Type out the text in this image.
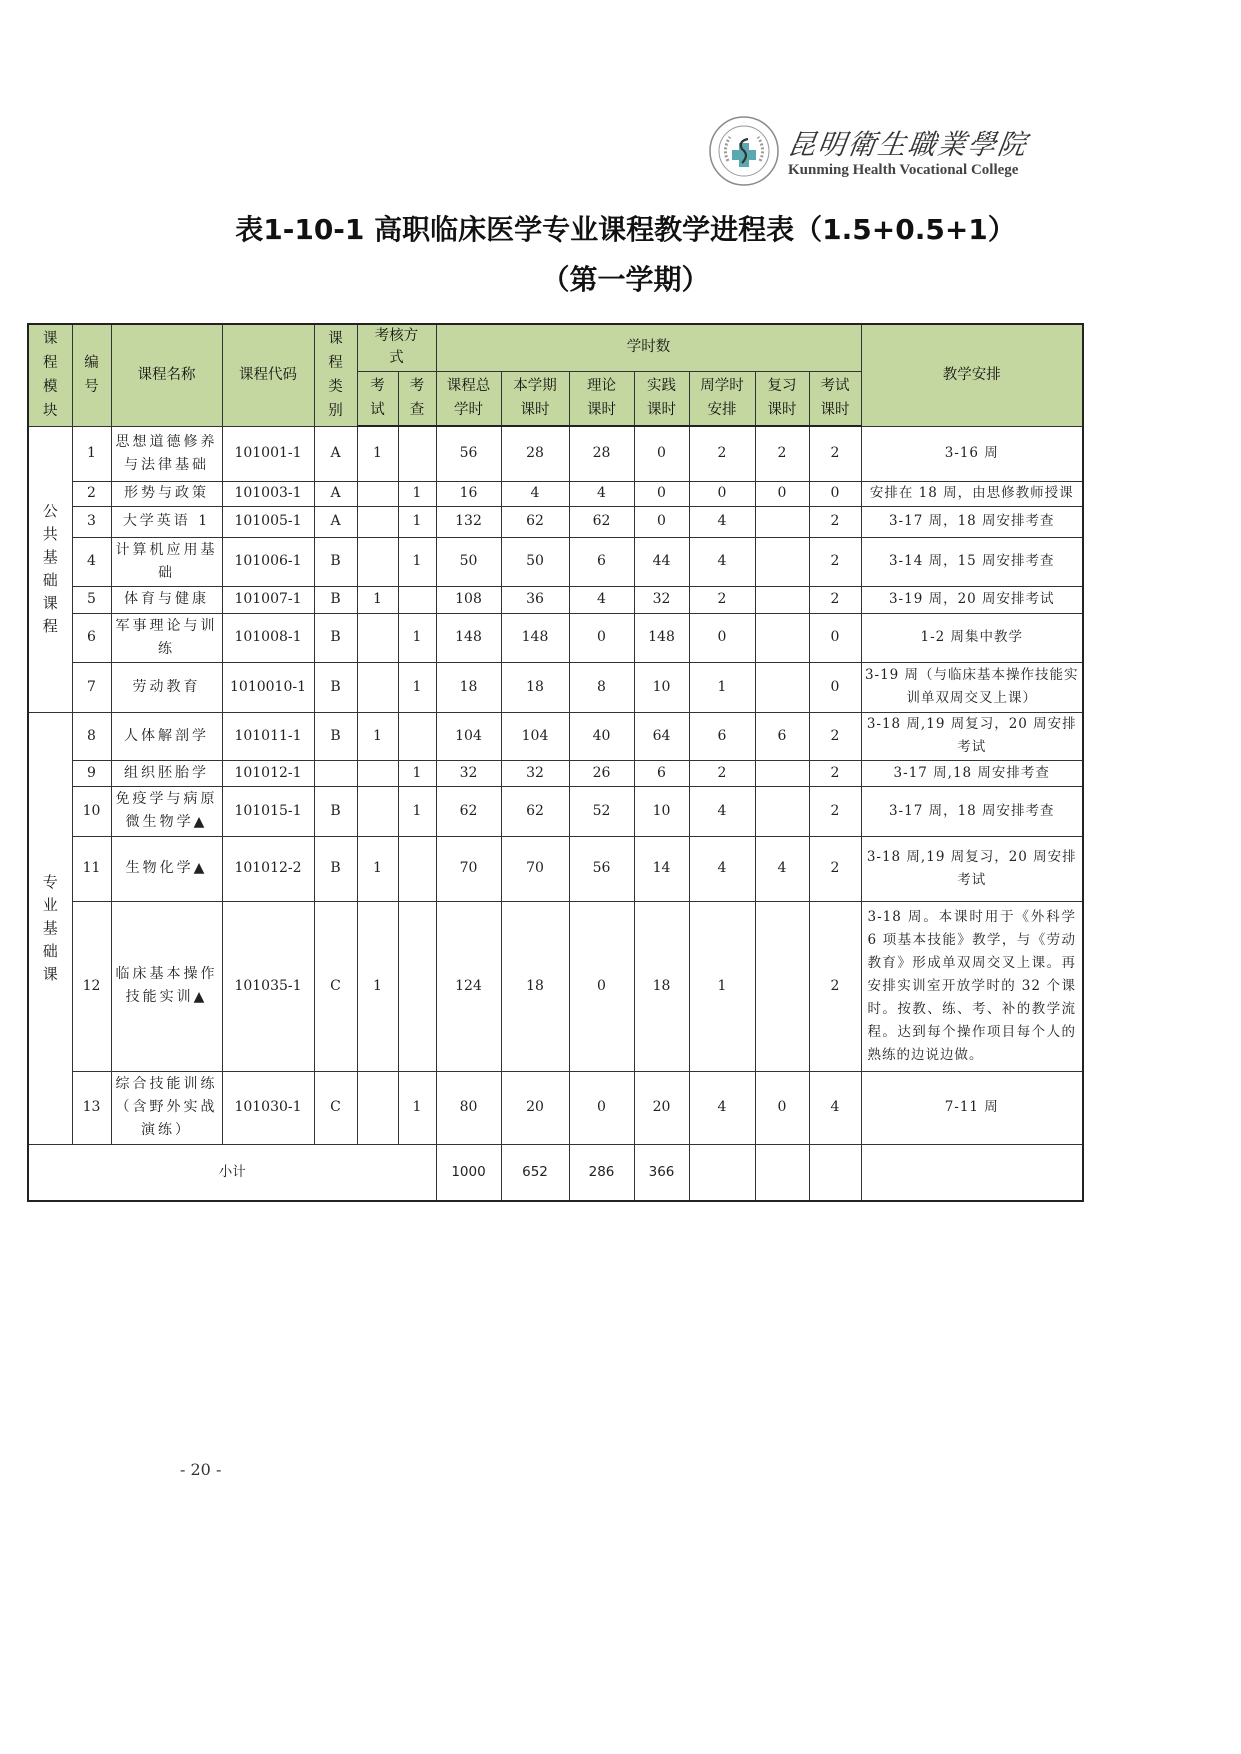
昆明衛生職業學院
Kunming Health Vocational College
表1-10-1 高职临床医学专业课程教学进程表（1.5+0.5+1）
（第一学期）
课程模块	编号	课程名称	课程代码	课程类别	考核方式		学时数							教学安排
					考试	考查	课程总学时	本学期课时	理论课时	实践课时	周学时安排	复习课时	考试课时	
公共基础课程	1	思想道德修养与法律基础	101001-1	A	1		56	28	28	0	2	2	2	3-16 周
	2	形势与政策	101003-1	A		1	16	4	4	0	0	0	0	安排在 18 周，由思修教师授课
	3	大学英语 1	101005-1	A		1	132	62	62	0	4		2	3-17 周，18 周安排考查
	4	计算机应用基础	101006-1	B		1	50	50	6	44	4		2	3-14 周，15 周安排考查
	5	体育与健康	101007-1	B	1		108	36	4	32	2		2	3-19 周，20 周安排考试
	6	军事理论与训练	101008-1	B		1	148	148	0	148	0		0	1-2 周集中教学
	7	劳动教育	1010010-1	B		1	18	18	8	10	1		0	3-19 周（与临床基本操作技能实训单双周交叉上课）
专业基础课	8	人体解剖学	101011-1	B	1		104	104	40	64	6	6	2	3-18 周,19 周复习，20 周安排考试
	9	组织胚胎学	101012-1			1	32	32	26	6	2		2	3-17 周,18 周安排考查
	10	免疫学与病原微生物学▲	101015-1	B		1	62	62	52	10	4		2	3-17 周，18 周安排考查
	11	生物化学▲	101012-2	B	1		70	70	56	14	4	4	2	3-18 周,19 周复习，20 周安排考试
	12	临床基本操作技能实训▲	101035-1	C	1		124	18	0	18	1		2	3-18 周。本课时用于《外科学 6 项基本技能》教学，与《劳动教育》形成单双周交叉上课。再安排实训室开放学时的 32 个课时。按教、练、考、补的教学流程。达到每个操作项目每个人的熟练的边说边做。
	13	综合技能训练（含野外实战演练）	101030-1	C		1	80	20	0	20	4	0	4	7-11 周
小计							1000	652	286	366				
- 20 -
